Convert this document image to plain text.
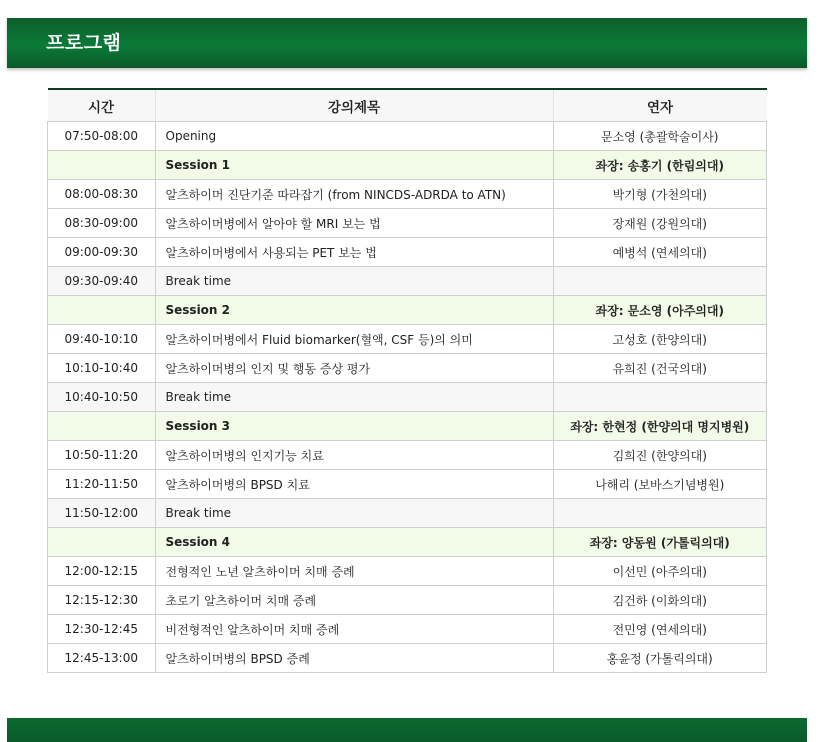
프로그램
시간	강의제목	연자
07:50-08:00	Opening	문소영 (총괄학술이사)
	Session 1	좌장: 송홍기 (한림의대)
08:00-08:30	알츠하이머 진단기준 따라잡기 (from NINCDS-ADRDA to ATN)	박기형 (가천의대)
08:30-09:00	알츠하이머병에서 알아야 할 MRI 보는 법	장재원 (강원의대)
09:00-09:30	알츠하이머병에서 사용되는 PET 보는 법	예병석 (연세의대)
09:30-09:40	Break time	
	Session 2	좌장: 문소영 (아주의대)
09:40-10:10	알츠하이머병에서 Fluid biomarker(혈액, CSF 등)의 의미	고성호 (한양의대)
10:10-10:40	알츠하이머병의 인지 및 행동 증상 평가	유희진 (건국의대)
10:40-10:50	Break time	
	Session 3	좌장: 한현정 (한양의대 명지병원)
10:50-11:20	알츠하이머병의 인지기능 치료	김희진 (한양의대)
11:20-11:50	알츠하이머병의 BPSD 치료	나해리 (보바스기념병원)
11:50-12:00	Break time	
	Session 4	좌장: 양동원 (가톨릭의대)
12:00-12:15	전형적인 노년 알츠하이머 치매 증례	이선민 (아주의대)
12:15-12:30	초로기 알츠하이머 치매 증례	김건하 (이화의대)
12:30-12:45	비전형적인 알츠하이머 치매 증례	전민영 (연세의대)
12:45-13:00	알츠하이머병의 BPSD 증례	홍윤정 (가톨릭의대)
